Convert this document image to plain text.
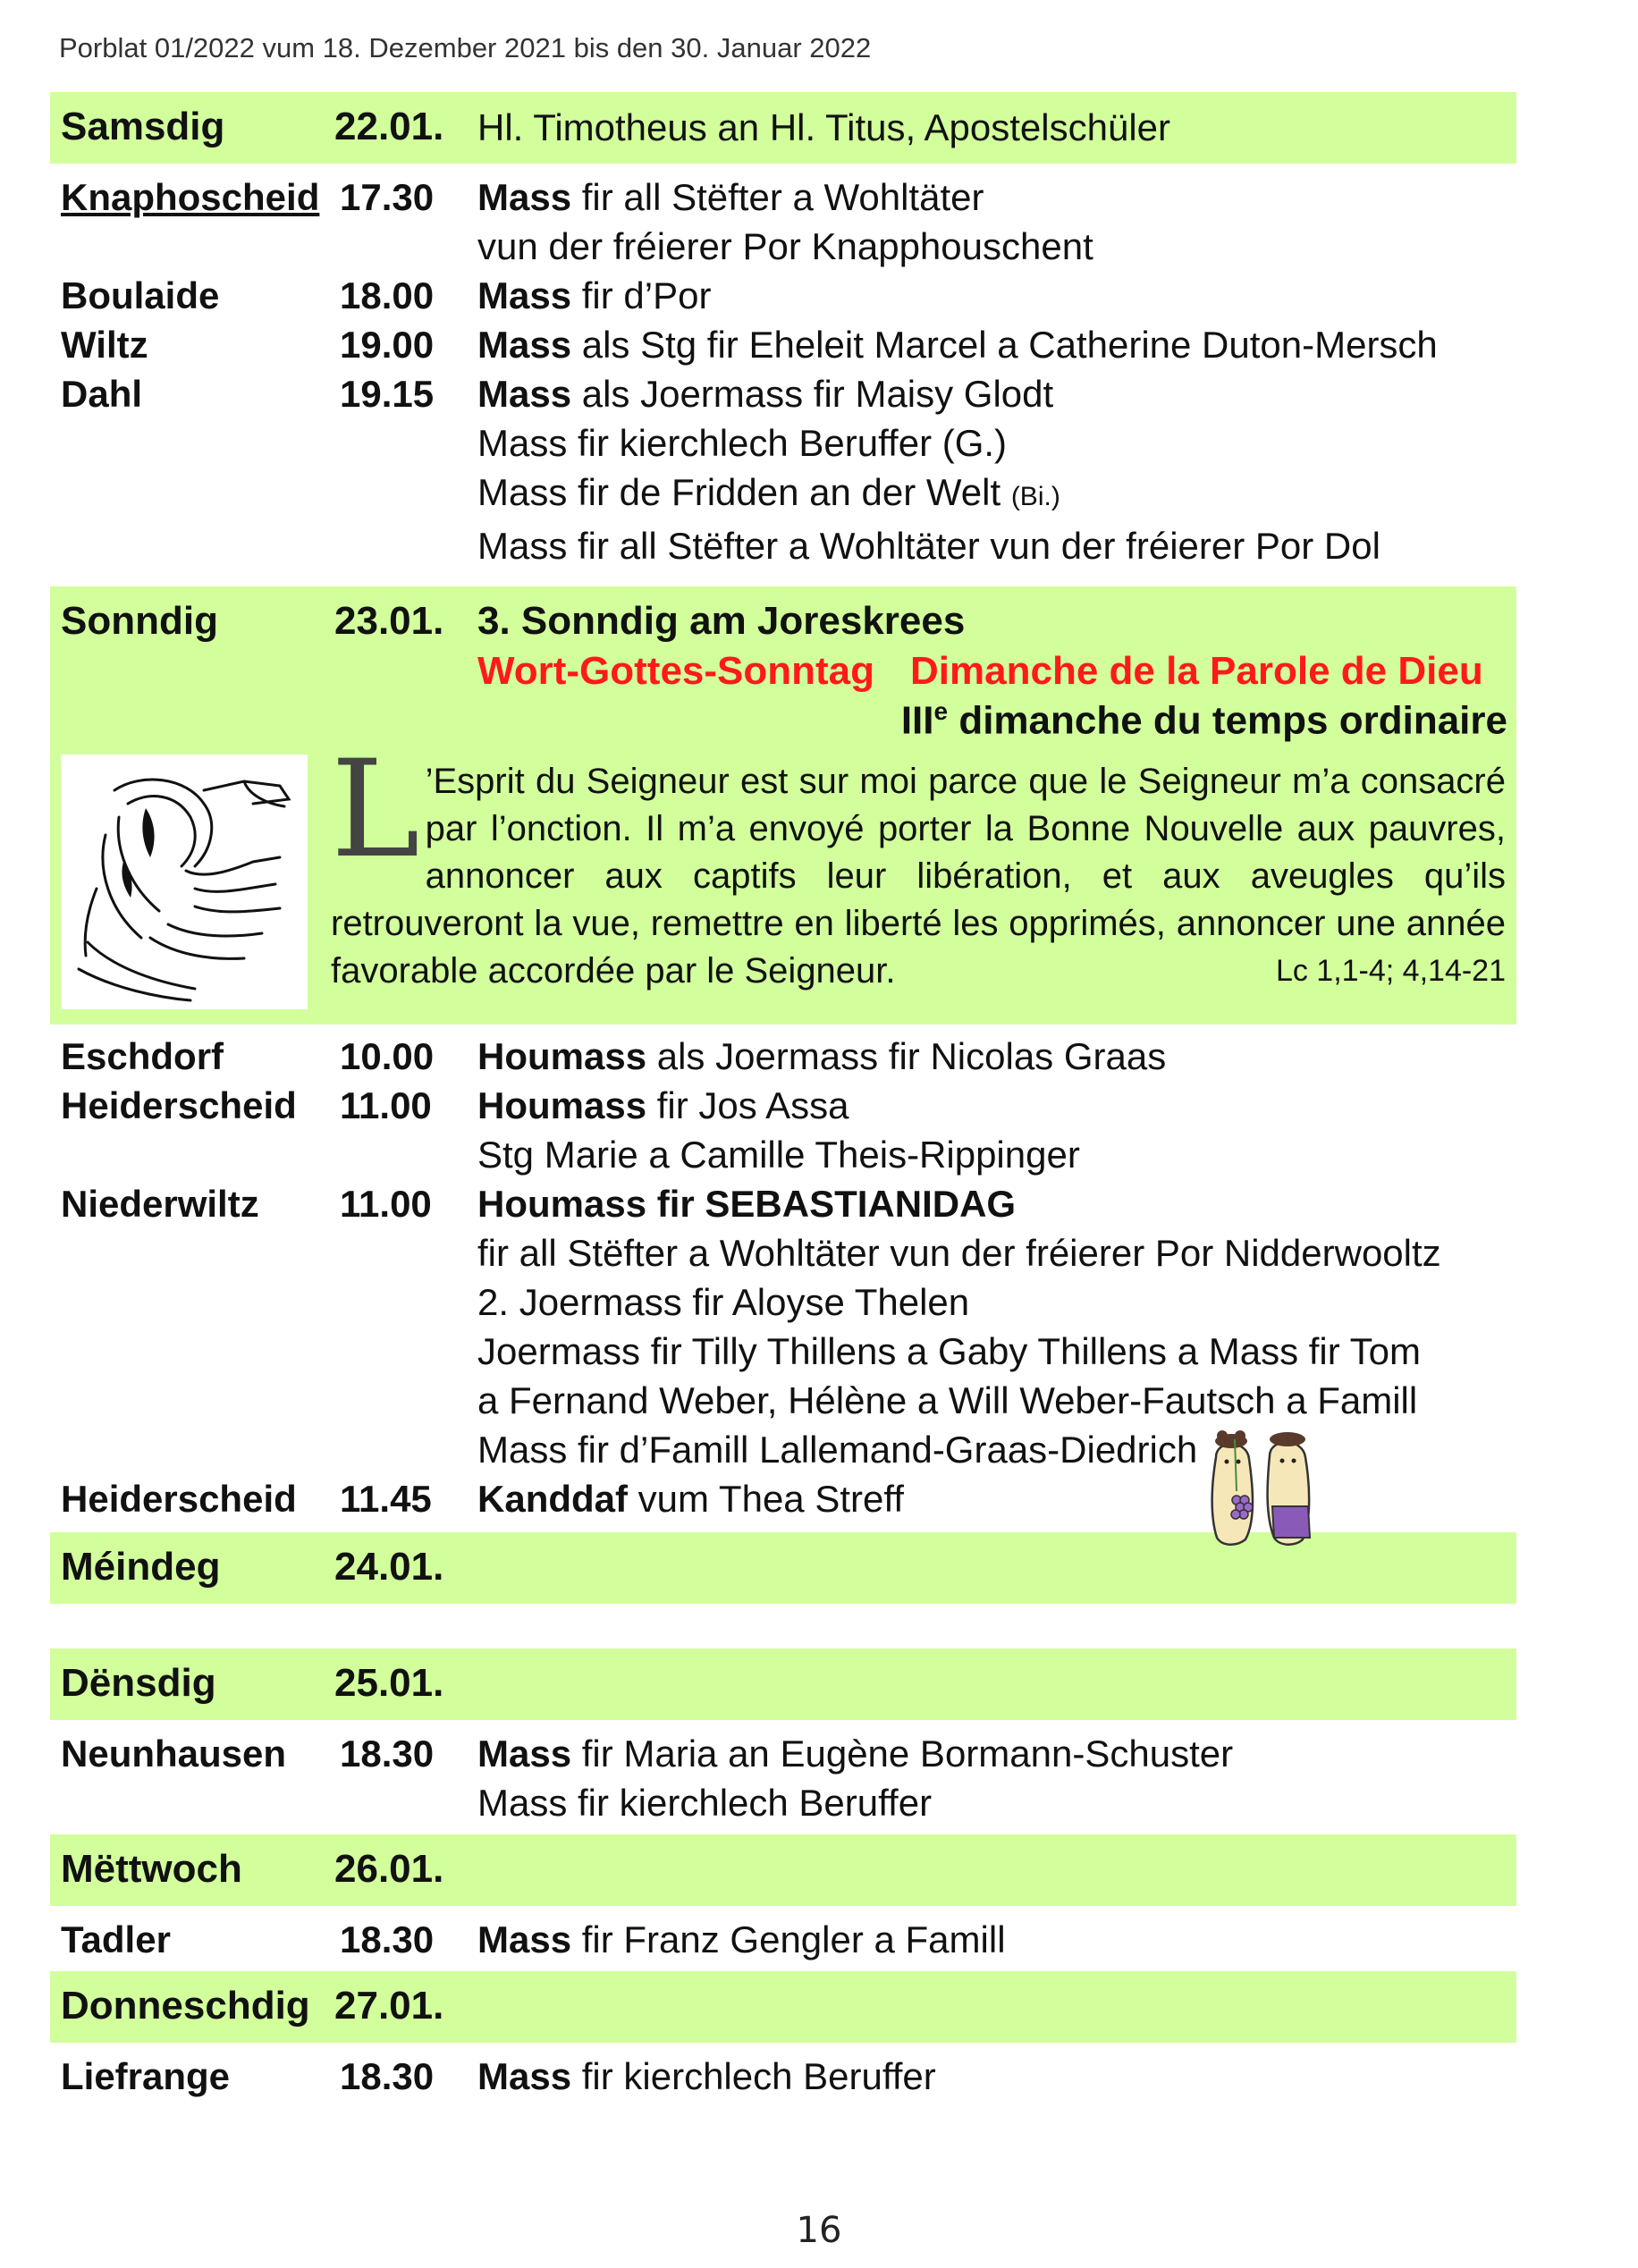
Porblat 01/2022 vum 18. Dezember 2021 bis den 30. Januar 2022
Samsdig	22.01. Hl. Timotheus an Hl. Titus, Apostelschüler
Knaphoscheid 17.30	Mass fir all Stëfter a Wohltäter
vun der fréierer Por Knapphouschent
Boulaide	18.00	Mass fir d’Por
Wiltz	19.00	Mass als Stg fir Eheleit Marcel a Catherine Duton-Mersch
Dahl	19.15	Mass als Joermass fir Maisy Glodt
Mass fir kierchlech Beruffer (G.)
Mass fir de Fridden an der Welt (Bi.)
Mass fir all Stëfter a Wohltäter vun der fréierer Por Dol
Sonndig	23.01. 3. Sonndig am Joreskrees
Wort-Gottes-Sonntag Dimanche de la Parole de Dieu
IIIe dimanche du temps ordinaire
L ’Esprit du Seigneur est sur moi parce que le Seigneur m’a consacré par l’onction. Il m’a envoyé porter la Bonne Nouvelle aux pauvres, annoncer aux captifs leur libération, et aux aveugles qu’ils retrouveront la vue, remettre en liberté les opprimés, annoncer une année favorable accordée par le Seigneur.	Lc 1,1-4; 4,14-21
Eschdorf	10.00	Houmass als Joermass fir Nicolas Graas
Heiderscheid	11.00	Houmass fir Jos Assa
Stg Marie a Camille Theis-Rippinger
Niederwiltz	11.00	Houmass fir SEBASTIANIDAG
fir all Stëfter a Wohltäter vun der fréierer Por Nidderwooltz
2. Joermass fir Aloyse Thelen
Joermass fir Tilly Thillens a Gaby Thillens a Mass fir Tom
a Fernand Weber, Hélène a Will Weber-Fautsch a Famill
Mass fir d’Famill Lallemand-Graas-Diedrich
Heiderscheid	11.45	Kanddaf vum Thea Streff
Méindeg	24.01.
Dënsdig	25.01.
Neunhausen	18.30	Mass fir Maria an Eugène Bormann-Schuster
Mass fir kierchlech Beruffer
Mëttwoch 26.01.
Tadler	18.30	Mass fir Franz Gengler a Famill
Donneschdig 27.01.
Liefrange	18.30	Mass fir kierchlech Beruffer
16
